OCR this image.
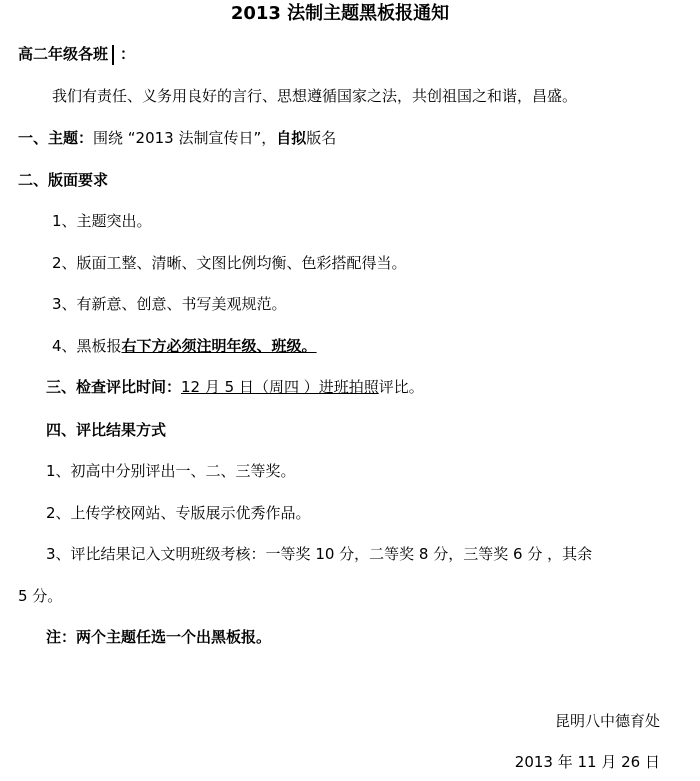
2013 法制主题黑板报通知
高二年级各班 ：
我们有责任、义务用良好的言行、思想遵循国家之法，共创祖国之和谐，昌盛。
一、主题：围绕 “2013 法制宣传日”，自拟版名
二、版面要求
1、主题突出。
2、版面工整、清晰、文图比例均衡、色彩搭配得当。
3、有新意、创意、书写美观规范。
4、黑板报右下方必须注明年级、班级。
三、检查评比时间：12 月 5 日（周四 ）进班拍照评比。
四、评比结果方式
1、初高中分别评出一、二、三等奖。
2、上传学校网站、专版展示优秀作品。
3、评比结果记入文明班级考核：一等奖 10 分，二等奖 8 分，三等奖 6 分 ，其余
5 分。
注：两个主题任选一个出黑板报。
昆明八中德育处
2013 年 11 月 26 日
